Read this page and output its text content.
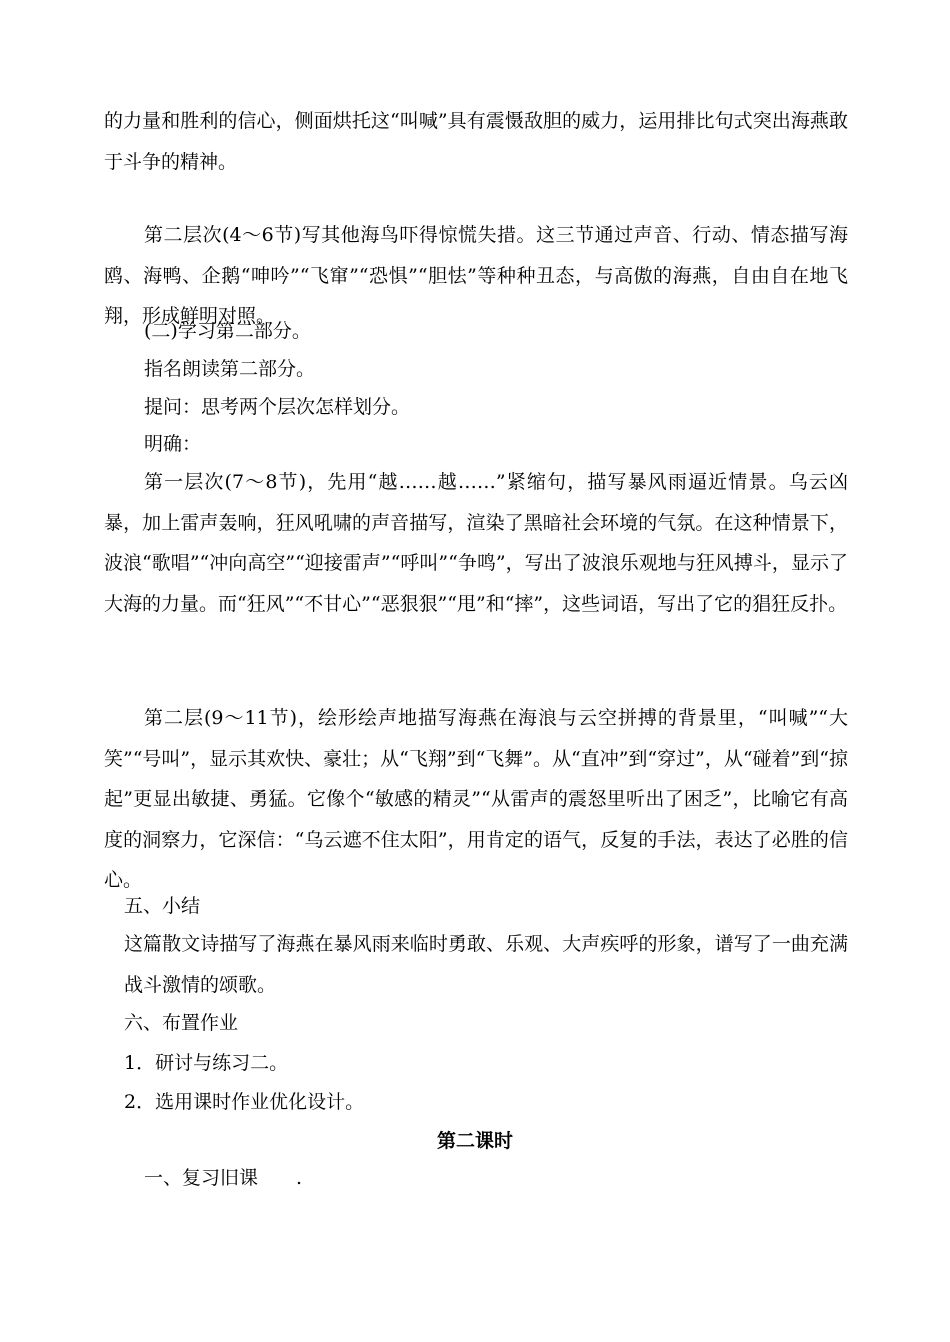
的力量和胜利的信心，侧面烘托这“叫喊”具有震慑敌胆的威力，运用排比句式突出海燕敢于斗争的精神。

第二层次(4～6节)写其他海鸟吓得惊慌失措。这三节通过声音、行动、情态描写海鸥、海鸭、企鹅“呻吟”“飞窜”“恐惧”“胆怯”等种种丑态，与高傲的海燕，自由自在地飞翔，形成鲜明对照。

(二)学习第二部分。

指名朗读第二部分。

提问：思考两个层次怎样划分。

明确：

第一层次(7～8节)，先用“越……越……”紧缩句，描写暴风雨逼近情景。乌云凶暴，加上雷声轰响，狂风吼啸的声音描写，渲染了黑暗社会环境的气氛。在这种情景下，波浪“歌唱”“冲向高空”“迎接雷声”“呼叫”“争鸣”，写出了波浪乐观地与狂风搏斗，显示了大海的力量。而“狂风”“不甘心”“恶狠狠”“甩”和“摔”，这些词语，写出了它的猖狂反扑。

第二层(9～11节)，绘形绘声地描写海燕在海浪与云空拼搏的背景里，“叫喊”“大笑”“号叫”，显示其欢快、豪壮；从“飞翔”到“飞舞”。从“直冲”到“穿过”，从“碰着”到“掠起”更显出敏捷、勇猛。它像个“敏感的精灵”“从雷声的震怒里听出了困乏”，比喻它有高度的洞察力，它深信：“乌云遮不住太阳”，用肯定的语气，反复的手法，表达了必胜的信心。

五、小结

这篇散文诗描写了海燕在暴风雨来临时勇敢、乐观、大声疾呼的形象，谱写了一曲充满战斗激情的颂歌。

六、布置作业

1．研讨与练习二。

2．选用课时作业优化设计。

第二课时

一、复习旧课　　.
